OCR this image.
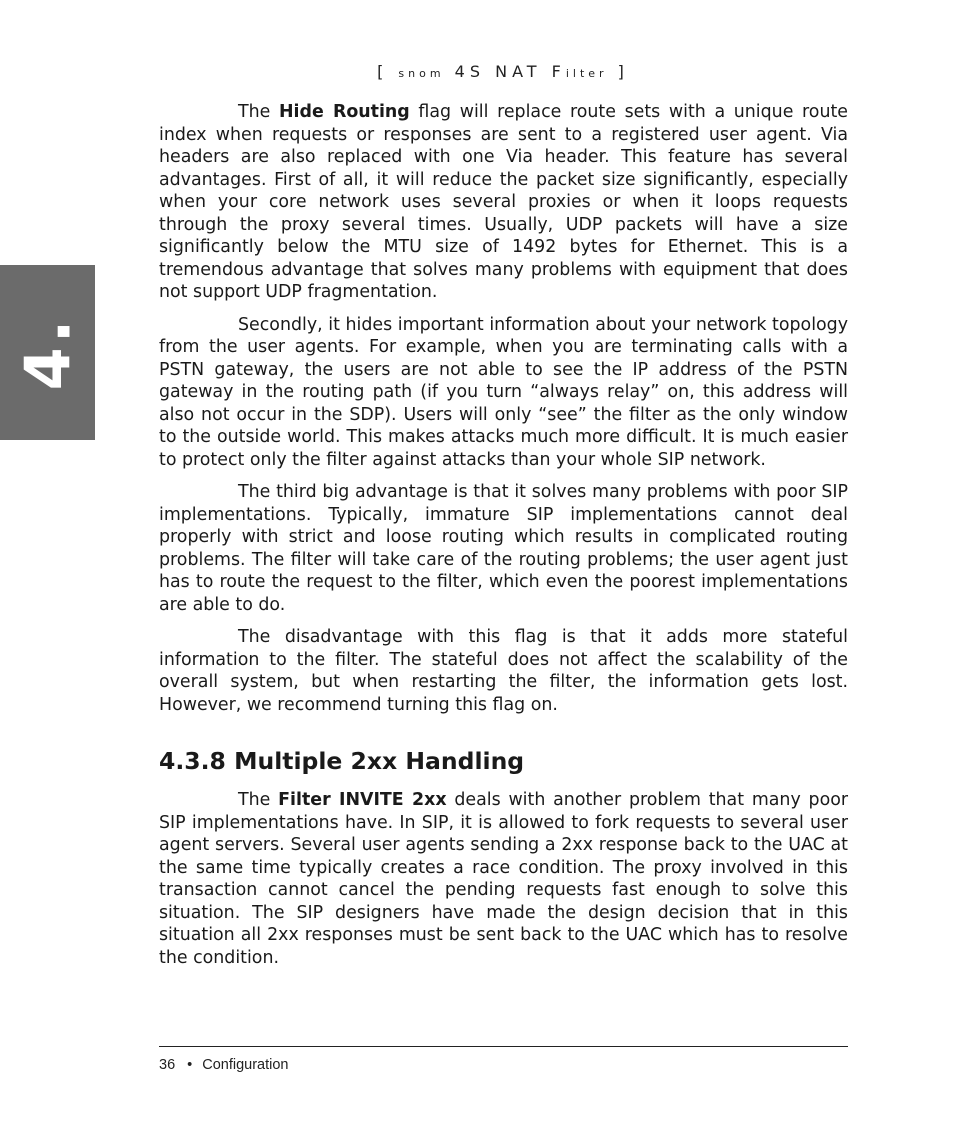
[ snom 4S NAT Filter ]
4.

The Hide Routing flag will replace route sets with a unique route index when requests or responses are sent to a registered user agent. Via headers are also replaced with one Via header. This feature has several advantages. First of all, it will reduce the packet size significantly, especially when your core network uses several proxies or when it loops requests through the proxy several times. Usually, UDP packets will have a size significantly below the MTU size of 1492 bytes for Ethernet. This is a tremendous advantage that solves many problems with equipment that does not support UDP fragmentation.

Secondly, it hides important information about your network topology from the user agents. For example, when you are terminating calls with a PSTN gateway, the users are not able to see the IP address of the PSTN gateway in the routing path (if you turn “always relay” on, this address will also not occur in the SDP). Users will only “see” the filter as the only window to the outside world. This makes attacks much more difficult. It is much easier to protect only the filter against attacks than your whole SIP network.

The third big advantage is that it solves many problems with poor SIP implementations. Typically, immature SIP implementations cannot deal properly with strict and loose routing which results in complicated routing problems. The filter will take care of the routing problems; the user agent just has to route the request to the filter, which even the poorest implementations are able to do.

The disadvantage with this flag is that it adds more stateful information to the filter. The stateful does not affect the scalability of the overall system, but when restarting the filter, the information gets lost. However, we recommend turning this flag on.

4.3.8 Multiple 2xx Handling

The Filter INVITE 2xx deals with another problem that many poor SIP implementations have. In SIP, it is allowed to fork requests to several user agent servers. Several user agents sending a 2xx response back to the UAC at the same time typically creates a race condition. The proxy involved in this transaction cannot cancel the pending requests fast enough to solve this situation. The SIP designers have made the design decision that in this situation all 2xx responses must be sent back to the UAC which has to resolve the condition.

36 • Configuration
